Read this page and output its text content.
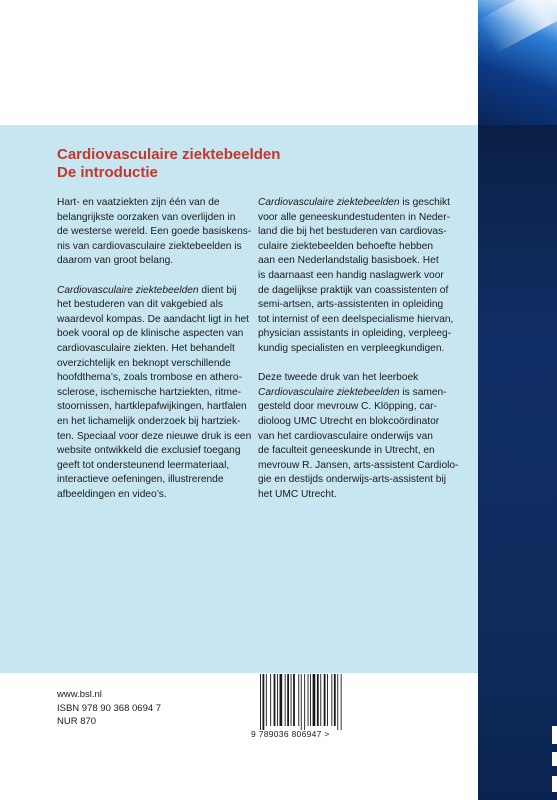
Cardiovasculaire ziektebeelden
De introductie

Hart- en vaatziekten zijn één van de
belangrijkste oorzaken van overlijden in
de westerse wereld. Een goede basiskens-
nis van cardiovasculaire ziektebeelden is
daarom van groot belang.

Cardiovasculaire ziektebeelden dient bij
het bestuderen van dit vakgebied als
waardevol kompas. De aandacht ligt in het
boek vooral op de klinische aspecten van
cardiovasculaire ziekten. Het behandelt
overzichtelijk en beknopt verschillende
hoofdthema’s, zoals trombose en athero-
sclerose, ischemische hartziekten, ritme-
stoornissen, hartklepafwijkingen, hartfalen
en het lichamelijk onderzoek bij hartziek-
ten. Speciaal voor deze nieuwe druk is een
website ontwikkeld die exclusief toegang
geeft tot ondersteunend leermateriaal,
interactieve oefeningen, illustrerende
afbeeldingen en video’s.

Cardiovasculaire ziektebeelden is geschikt
voor alle geneeskundestudenten in Neder-
land die bij het bestuderen van cardiovas-
culaire ziektebeelden behoefte hebben
aan een Nederlandstalig basisboek. Het
is daarnaast een handig naslagwerk voor
de dagelijkse praktijk van coassistenten of
semi-artsen, arts-assistenten in opleiding
tot internist of een deelspecialisme hiervan,
physician assistants in opleiding, verpleeg-
kundig specialisten en verpleegkundigen.

Deze tweede druk van het leerboek
Cardiovasculaire ziektebeelden is samen-
gesteld door mevrouw C. Klöpping, car-
dioloog UMC Utrecht en blokcoördinator
van het cardiovasculaire onderwijs van
de faculteit geneeskunde in Utrecht, en
mevrouw R. Jansen, arts-assistent Cardiolo-
gie en destijds onderwijs-arts-assistent bij
het UMC Utrecht.

www.bsl.nl
ISBN 978 90 368 0694 7
NUR 870
9 789036 806947 >
